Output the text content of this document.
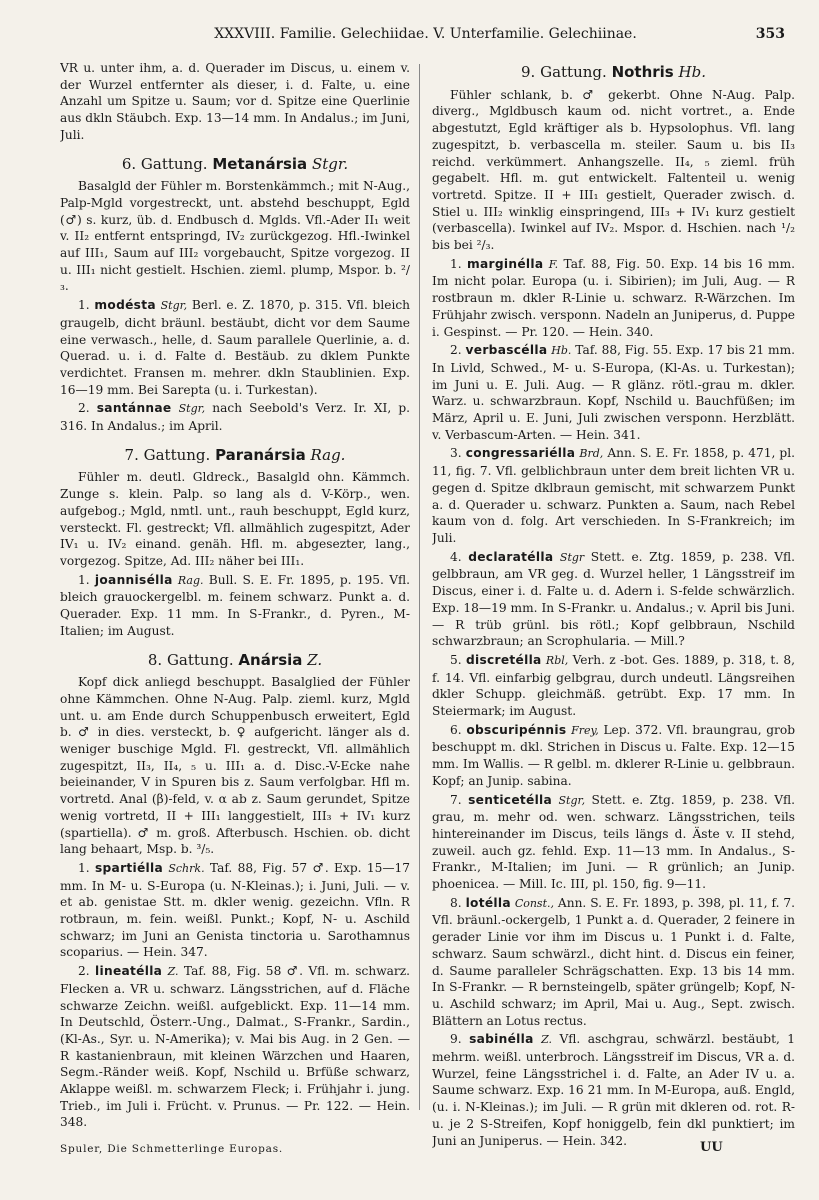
XXXVIII. Familie. Gelechiidae. V. Unterfamilie. Gelechiinae.	353

VR u. unter ihm, a. d. Querader im Discus, u. einem v. der Wurzel entfernter als dieser, i. d. Falte, u. eine Anzahl um Spitze u. Saum; vor d. Spitze eine Querlinie aus dkln Stäubch. Exp. 13—14 mm. In Andalus.; im Juni, Juli.

6. Gattung. Metanársia Stgr.

Basalgld der Fühler m. Borstenkämmch.; mit N-Aug., Palp-Mgld vorgestreckt, unt. abstehd beschuppt, Egld (♂) s. kurz, üb. d. Endbusch d. Mglds. Vfl.-Ader II₁ weit v. II₂ entfernt entspringd, IV₂ zurückgezog. Hfl.-Iwinkel auf III₁, Saum auf III₂ vorgebaucht, Spitze vorgezog. II u. III₁ nicht gestielt. Hschien. zieml. plump, Mspor. b. ²/₃.

1. modésta Stgr, Berl. e. Z. 1870, p. 315. Vfl. bleich graugelb, dicht bräunl. bestäubt, dicht vor dem Saume eine verwasch., helle, d. Saum parallele Querlinie, a. d. Querad. u. i. d. Falte d. Bestäub. zu dklem Punkte verdichtet. Fransen m. mehrer. dkln Staublinien. Exp. 16—19 mm. Bei Sarepta (u. i. Turkestan).

2. santánnae Stgr, nach Seebold's Verz. Ir. XI, p. 316. In Andalus.; im April.

7. Gattung. Paranársia Rag.

Fühler m. deutl. Gldreck., Basalgld ohn. Kämmch. Zunge s. klein. Palp. so lang als d. V-Körp., wen. aufgebog.; Mgld, nmtl. unt., rauh beschuppt, Egld kurz, versteckt. Fl. gestreckt; Vfl. allmählich zugespitzt, Ader IV₁ u. IV₂ einand. genäh. Hfl. m. abgesezter, lang., vorgezog. Spitze, Ad. III₂ näher bei III₁.

1. joannisélla Rag. Bull. S. E. Fr. 1895, p. 195. Vfl. bleich grauockergelbl. m. feinem schwarz. Punkt a. d. Querader. Exp. 11 mm. In S-Frankr., d. Pyren., M-Italien; im August.

8. Gattung. Anársia Z.

Kopf dick anliegd beschuppt. Basalglied der Fühler ohne Kämmchen. Ohne N-Aug. Palp. zieml. kurz, Mgld unt. u. am Ende durch Schuppenbusch erweitert, Egld b. ♂ in dies. versteckt, b. ♀ aufgericht. länger als d. weniger buschige Mgld. Fl. gestreckt, Vfl. allmählich zugespitzt, II₃, II₄, ₅ u. III₁ a. d. Disc.-V-Ecke nahe beieinander, V in Spuren bis z. Saum verfolgbar. Hfl m. vortretd. Anal (β)-feld, v. α ab z. Saum gerundet, Spitze wenig vortretd, II + III₁ langgestielt, III₃ + IV₁ kurz (spartiella). ♂ m. groß. Afterbusch. Hschien. ob. dicht lang behaart, Msp. b. ³/₅.

1. spartiélla Schrk. Taf. 88, Fig. 57 ♂. Exp. 15—17 mm. In M- u. S-Europa (u. N-Kleinas.); i. Juni, Juli. — v. et ab. genistae Stt. m. dkler wenig. gezeichn. Vfln. R rotbraun, m. fein. weißl. Punkt.; Kopf, N- u. Aschild schwarz; im Juni an Genista tinctoria u. Sarothamnus scoparius. — Hein. 347.

2. lineatélla Z. Taf. 88, Fig. 58 ♂. Vfl. m. schwarz. Flecken a. VR u. schwarz. Längsstrichen, auf d. Fläche schwarze Zeichn. weißl. aufgeblickt. Exp. 11—14 mm. In Deutschld, Österr.-Ung., Dalmat., S-Frankr., Sardin., (Kl-As., Syr. u. N-Amerika); v. Mai bis Aug. in 2 Gen. — R kastanienbraun, mit kleinen Wärzchen und Haaren, Segm.-Ränder weiß. Kopf, Nschild u. Brfüße schwarz, Aklappe weißl. m. schwarzem Fleck; i. Frühjahr i. jung. Trieb., im Juli i. Frücht. v. Prunus. — Pr. 122. — Hein. 348.

9. Gattung. Nothris Hb.

Fühler schlank, b. ♂ gekerbt. Ohne N-Aug. Palp. diverg., Mgldbusch kaum od. nicht vortret., a. Ende abgestutzt, Egld kräftiger als b. Hypsolophus. Vfl. lang zugespitzt, b. verbascella m. steiler. Saum u. bis II₃ reichd. verkümmert. Anhangszelle. II₄, ₅ zieml. früh gegabelt. Hfl. m. gut entwickelt. Faltenteil u. wenig vortretd. Spitze. II + III₁ gestielt, Querader zwisch. d. Stiel u. III₂ winklig einspringend, III₃ + IV₁ kurz gestielt (verbascella). Iwinkel auf IV₂. Mspor. d. Hschien. nach ¹/₂ bis bei ²/₃.

1. marginélla F. Taf. 88, Fig. 50. Exp. 14 bis 16 mm. Im nicht polar. Europa (u. i. Sibirien); im Juli, Aug. — R rostbraun m. dkler R-Linie u. schwarz. R-Wärzchen. Im Frühjahr zwisch. versponn. Nadeln an Juniperus, d. Puppe i. Gespinst. — Pr. 120. — Hein. 340.

2. verbascélla Hb. Taf. 88, Fig. 55. Exp. 17 bis 21 mm. In Livld, Schwed., M- u. S-Europa, (Kl-As. u. Turkestan); im Juni u. E. Juli. Aug. — R glänz. rötl.-grau m. dkler. Warz. u. schwarzbraun. Kopf, Nschild u. Bauchfüßen; im März, April u. E. Juni, Juli zwischen versponn. Herzblätt. v. Verbascum-Arten. — Hein. 341.

3. congressariélla Brd, Ann. S. E. Fr. 1858, p. 471, pl. 11, fig. 7. Vfl. gelblichbraun unter dem breit lichten VR u. gegen d. Spitze dklbraun gemischt, mit schwarzem Punkt a. d. Querader u. schwarz. Punkten a. Saum, nach Rebel kaum von d. folg. Art verschieden. In S-Frankreich; im Juli.

4. declaratélla Stgr Stett. e. Ztg. 1859, p. 238. Vfl. gelbbraun, am VR geg. d. Wurzel heller, 1 Längsstreif im Discus, einer i. d. Falte u. d. Adern i. S-felde schwärzlich. Exp. 18—19 mm. In S-Frankr. u. Andalus.; v. April bis Juni. — R trüb grünl. bis rötl.; Kopf gelbbraun, Nschild schwarzbraun; an Scrophularia. — Mill.?

5. discretélla Rbl, Verh. z -bot. Ges. 1889, p. 318, t. 8, f. 14. Vfl. einfarbig gelbgrau, durch undeutl. Längsreihen dkler Schupp. gleichmäß. getrübt. Exp. 17 mm. In Steiermark; im August.

6. obscuripénnis Frey, Lep. 372. Vfl. braungrau, grob beschuppt m. dkl. Strichen in Discus u. Falte. Exp. 12—15 mm. Im Wallis. — R gelbl. m. dklerer R-Linie u. gelbbraun. Kopf; an Junip. sabina.

7. senticetélla Stgr, Stett. e. Ztg. 1859, p. 238. Vfl. grau, m. mehr od. wen. schwarz. Längsstrichen, teils hintereinander im Discus, teils längs d. Äste v. II stehd, zuweil. auch gz. fehld. Exp. 11—13 mm. In Andalus., S-Frankr., M-Italien; im Juni. — R grünlich; an Junip. phoenicea. — Mill. Ic. III, pl. 150, fig. 9—11.

8. lotélla Const., Ann. S. E. Fr. 1893, p. 398, pl. 11, f. 7. Vfl. bräunl.-ockergelb, 1 Punkt a. d. Querader, 2 feinere in gerader Linie vor ihm im Discus u. 1 Punkt i. d. Falte, schwarz. Saum schwärzl., dicht hint. d. Discus ein feiner, d. Saume paralleler Schrägschatten. Exp. 13 bis 14 mm. In S-Frankr. — R bernsteingelb, später grüngelb; Kopf, N- u. Aschild schwarz; im April, Mai u. Aug., Sept. zwisch. Blättern an Lotus rectus.

9. sabinélla Z. Vfl. aschgrau, schwärzl. bestäubt, 1 mehrm. weißl. unterbroch. Längsstreif im Discus, VR a. d. Wurzel, feine Längsstrichel i. d. Falte, an Ader IV u. a. Saume schwarz. Exp. 16 21 mm. In M-Europa, auß. Engld, (u. i. N-Kleinas.); im Juli. — R grün mit dkleren od. rot. R- u. je 2 S-Streifen, Kopf honiggelb, fein dkl punktiert; im Juni an Juniperus. — Hein. 342.

Spuler, Die Schmetterlinge Europas.	UU
